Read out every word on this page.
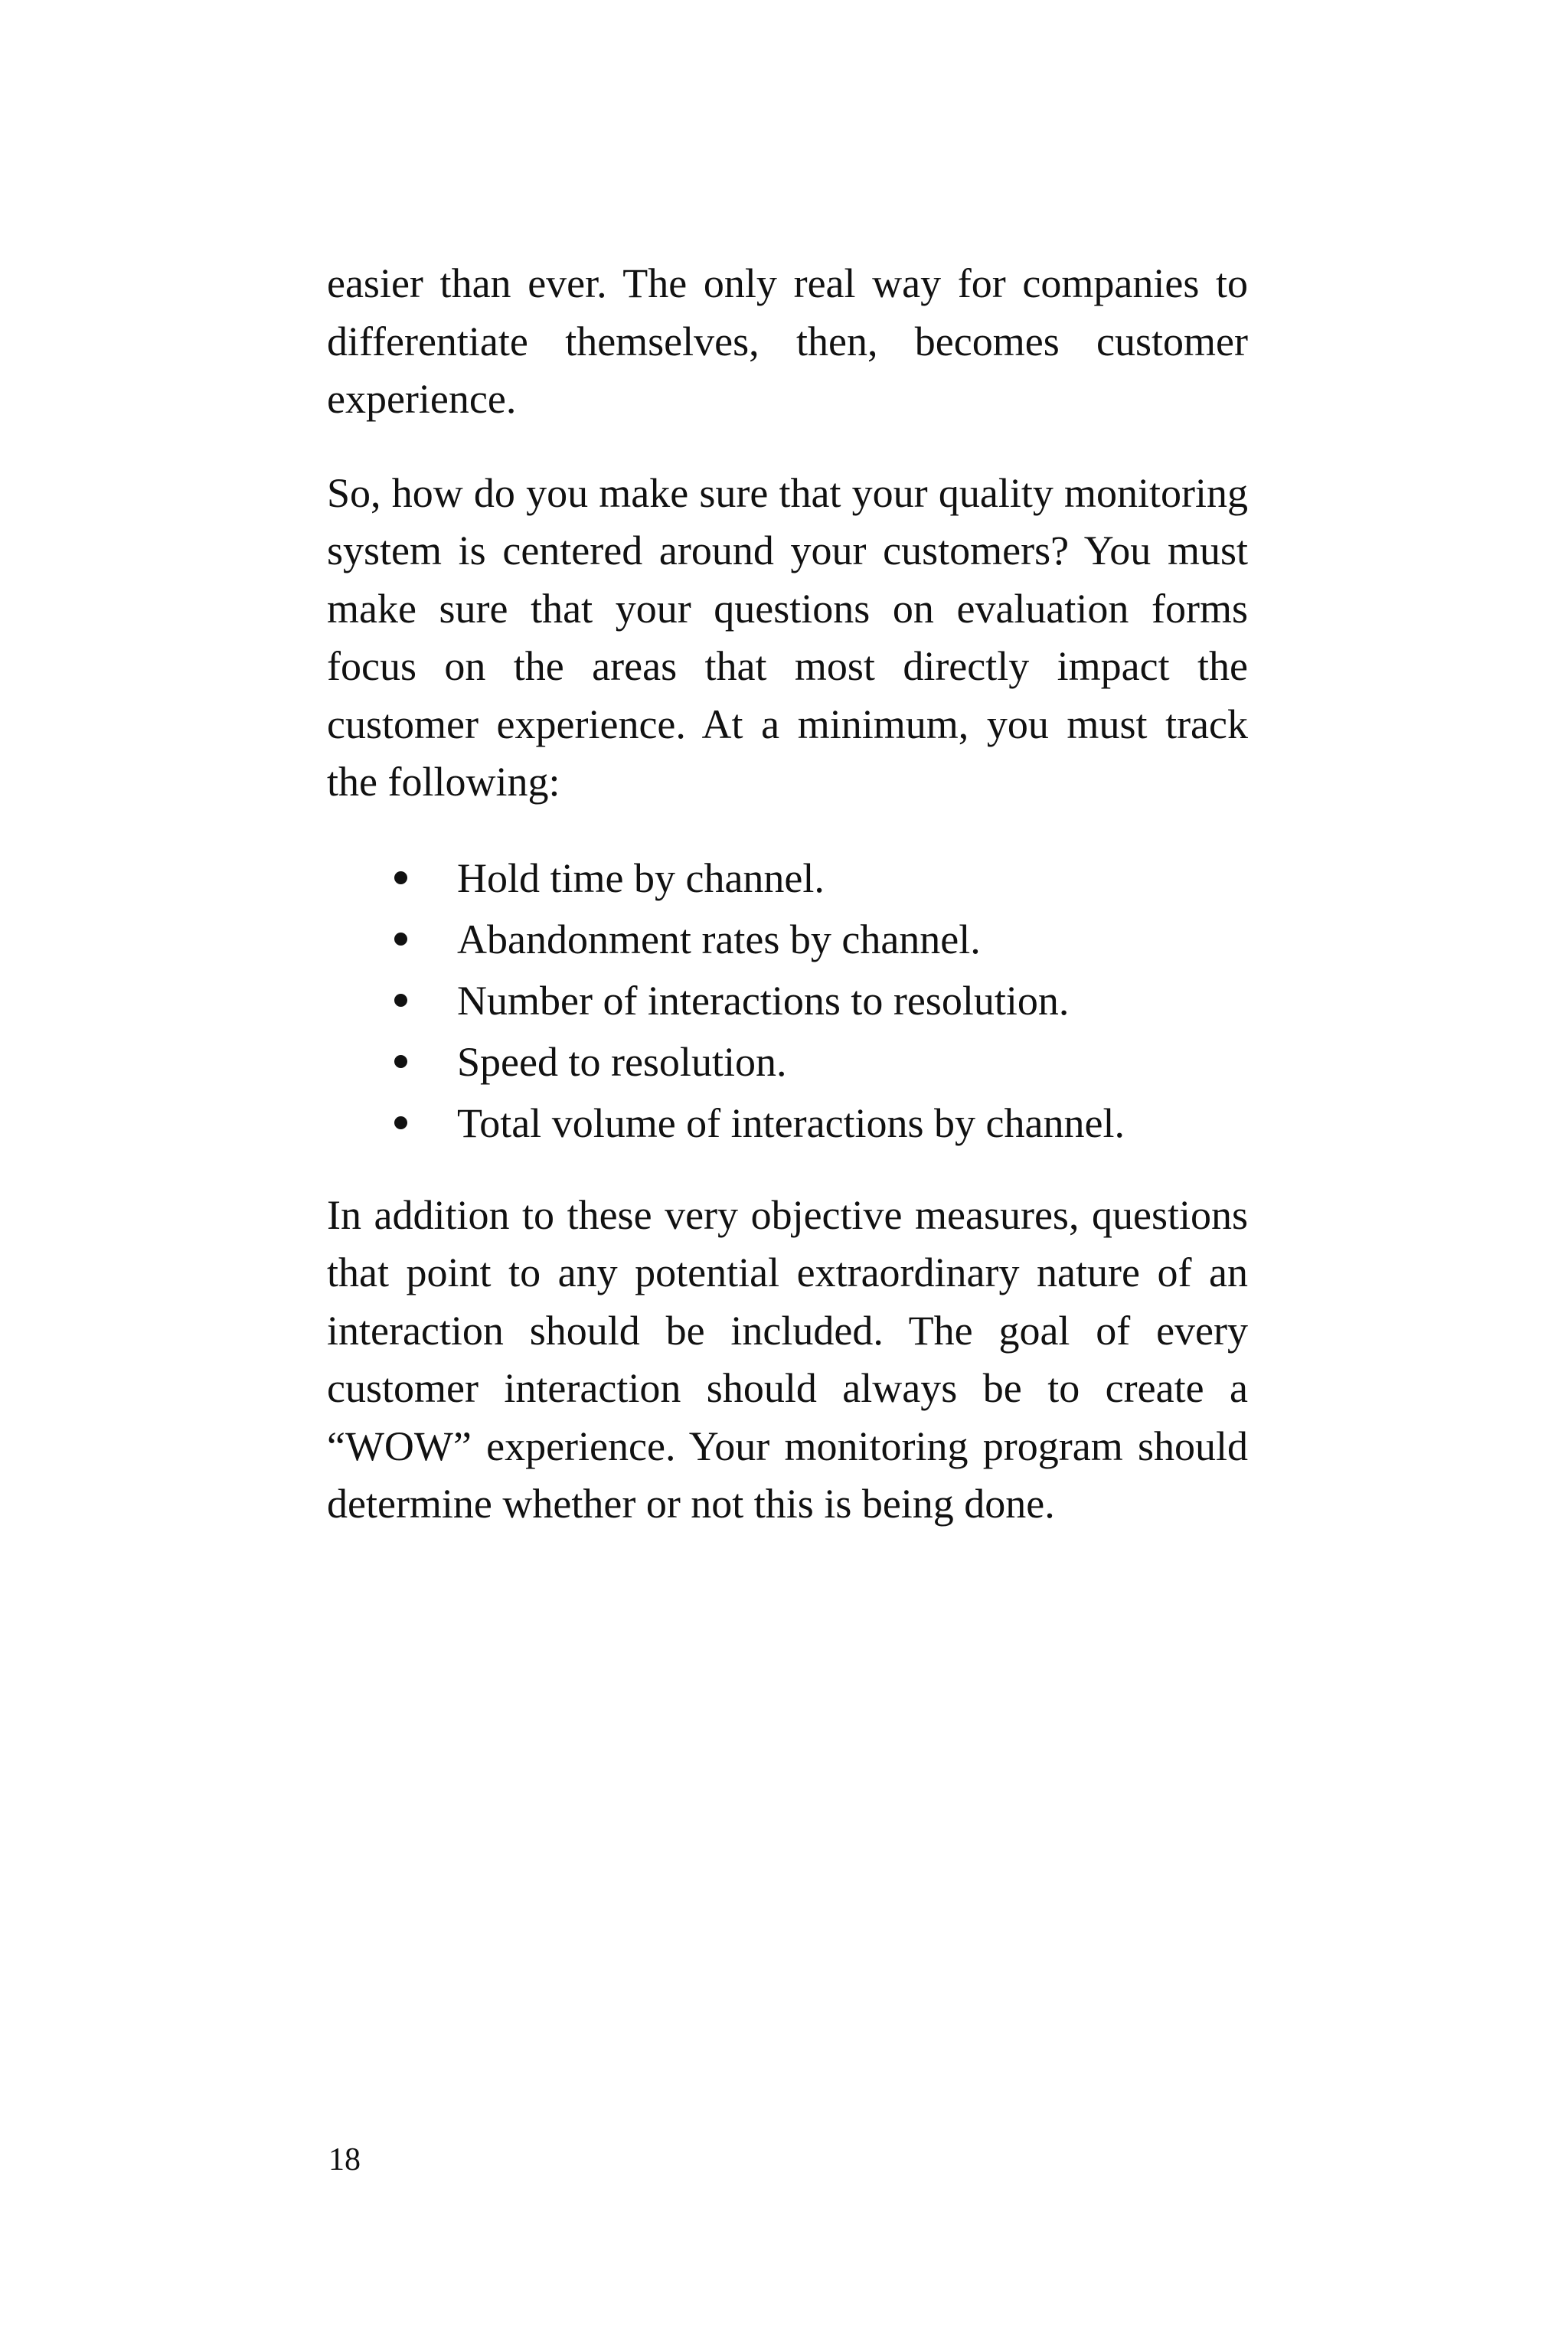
easier than ever. The only real way for companies to differentiate themselves, then, becomes customer experience.

So, how do you make sure that your quality monitoring system is centered around your customers? You must make sure that your questions on evaluation forms focus on the areas that most directly impact the customer experience. At a minimum, you must track the following:

Hold time by channel.
Abandonment rates by channel.
Number of interactions to resolution.
Speed to resolution.
Total volume of interactions by channel.

In addition to these very objective measures, questions that point to any potential extraordinary nature of an interaction should be included. The goal of every customer interaction should always be to create a “WOW” experience. Your monitoring program should determine whether or not this is being done.

18
